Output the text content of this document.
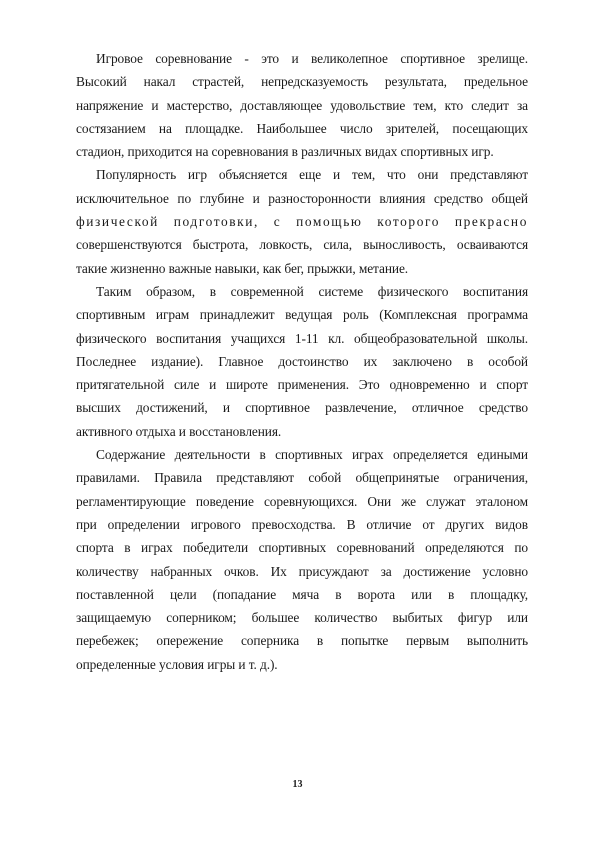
Игровое соревнование - это и великолепное спортивное зрелище.
Высокий накал страстей, непредсказуемость результата, предельное
напряжение и мастерство, доставляющее удовольствие тем, кто следит за
состязанием на площадке. Наибольшее число зрителей, посещающих
стадион, приходится на соревнования в различных видах спортивных игр.

Популярность игр объясняется еще и тем, что они представляют
исключительное по глубине и разносторонности влияния средство общей
физической подготовки, с помощью которого прекрасно
совершенствуются быстрота, ловкость, сила, выносливость, осваиваются
такие жизненно важные навыки, как бег, прыжки, метание.

Таким образом, в современной системе физического воспитания
спортивным играм принадлежит ведущая роль (Комплексная программа
физического воспитания учащихся 1-11 кл. общеобразовательной школы.
Последнее издание). Главное достоинство их заключено в особой
притягательной силе и широте применения. Это одновременно и спорт
высших достижений, и спортивное развлечение, отличное средство
активного отдыха и восстановления.

Содержание деятельности в спортивных играх определяется едиными
правилами. Правила представляют собой общепринятые ограничения,
регламентирующие поведение соревнующихся. Они же служат эталоном
при определении игрового превосходства. В отличие от других видов
спорта в играх победители спортивных соревнований определяются по
количеству набранных очков. Их присуждают за достижение условно
поставленной цели (попадание мяча в ворота или в площадку,
защищаемую соперником; большее количество выбитых фигур или
перебежек; опережение соперника в попытке первым выполнить
определенные условия игры и т. д.).

13
